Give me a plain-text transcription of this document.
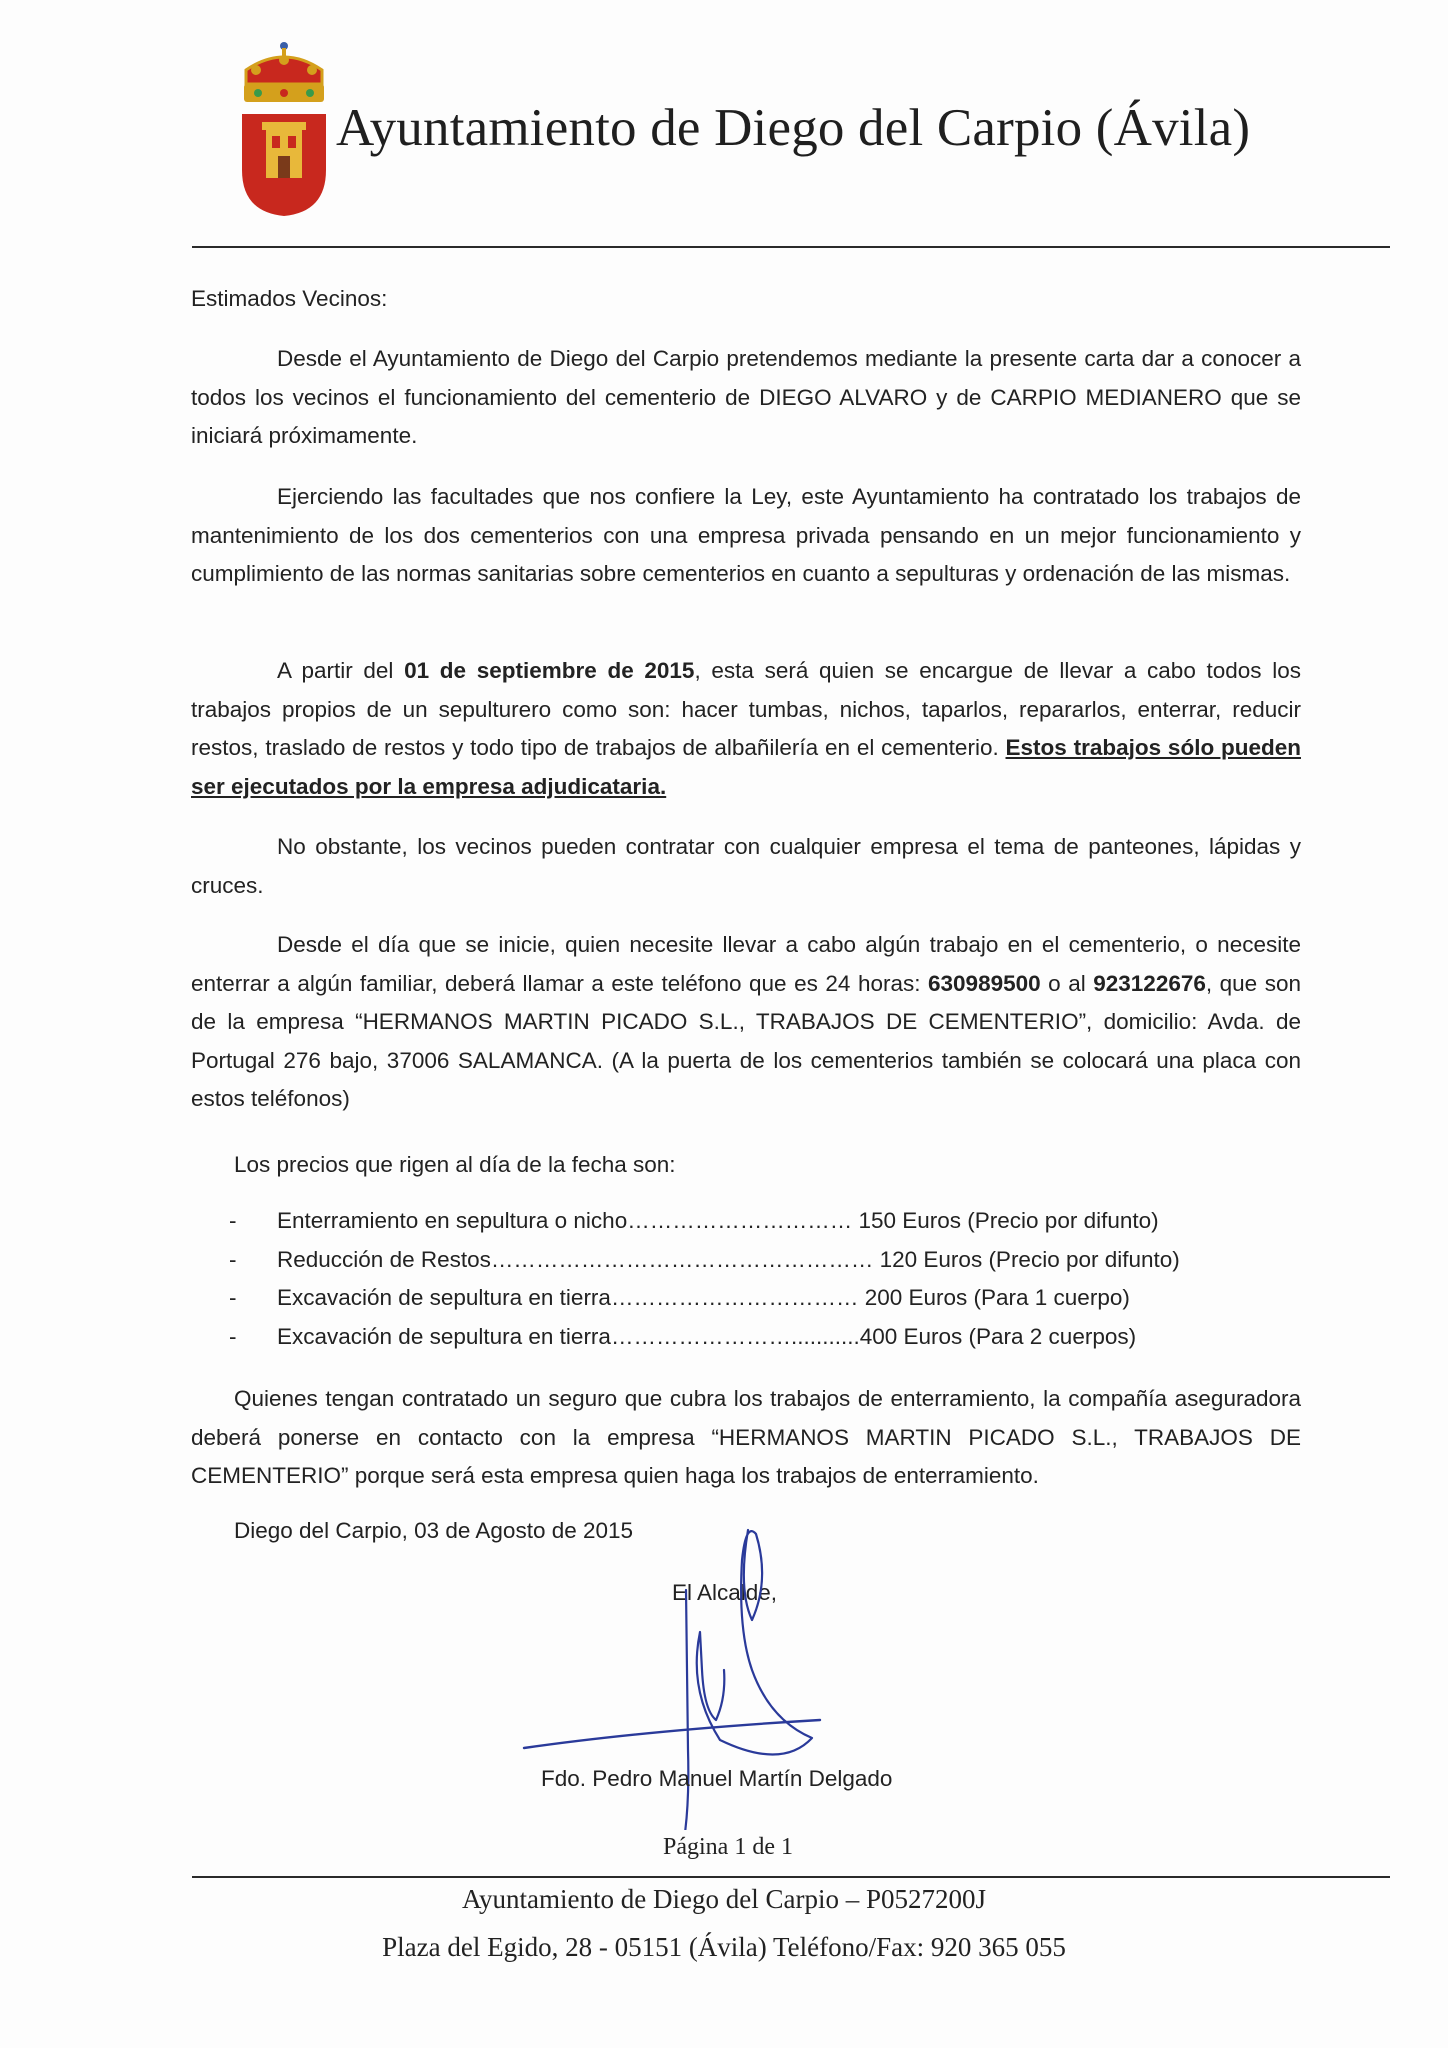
Ayuntamiento de Diego del Carpio (Ávila)

Estimados Vecinos:

Desde el Ayuntamiento de Diego del Carpio pretendemos mediante la presente carta dar a conocer a todos los vecinos el funcionamiento del cementerio de DIEGO ALVARO y de CARPIO MEDIANERO que se iniciará próximamente.

Ejerciendo las facultades que nos confiere la Ley, este Ayuntamiento ha contratado los trabajos de mantenimiento de los dos cementerios con una empresa privada pensando en un mejor funcionamiento y cumplimiento de las normas sanitarias sobre cementerios en cuanto a sepulturas y ordenación de las mismas.

A partir del 01 de septiembre de 2015, esta será quien se encargue de llevar a cabo todos los trabajos propios de un sepulturero como son: hacer tumbas, nichos, taparlos, repararlos, enterrar, reducir restos, traslado de restos y todo tipo de trabajos de albañilería en el cementerio. Estos trabajos sólo pueden ser ejecutados por la empresa adjudicataria.

No obstante, los vecinos pueden contratar con cualquier empresa el tema de panteones, lápidas y cruces.

Desde el día que se inicie, quien necesite llevar a cabo algún trabajo en el cementerio, o necesite enterrar a algún familiar, deberá llamar a este teléfono que es 24 horas: 630989500 o al 923122676, que son de la empresa “HERMANOS MARTIN PICADO S.L., TRABAJOS DE CEMENTERIO”, domicilio: Avda. de Portugal 276 bajo, 37006 SALAMANCA. (A la puerta de los cementerios también se colocará una placa con estos teléfonos)

Los precios que rigen al día de la fecha son:

-	Enterramiento en sepultura o nicho………………………… 150 Euros (Precio por difunto)
-	Reducción de Restos…………………………………………… 120 Euros (Precio por difunto)
-	Excavación de sepultura en tierra…………………………… 200 Euros (Para 1 cuerpo)
-	Excavación de sepultura en tierra……………………...........400 Euros (Para 2 cuerpos)

Quienes tengan contratado un seguro que cubra los trabajos de enterramiento, la compañía aseguradora deberá ponerse en contacto con la empresa “HERMANOS MARTIN PICADO S.L., TRABAJOS DE CEMENTERIO” porque será esta empresa quien haga los trabajos de enterramiento.

Diego del Carpio, 03 de Agosto de 2015
El Alcalde,
Fdo. Pedro Manuel Martín Delgado
Página 1 de 1
Ayuntamiento de Diego del Carpio – P0527200J
Plaza del Egido, 28 - 05151 (Ávila) Teléfono/Fax: 920 365 055
